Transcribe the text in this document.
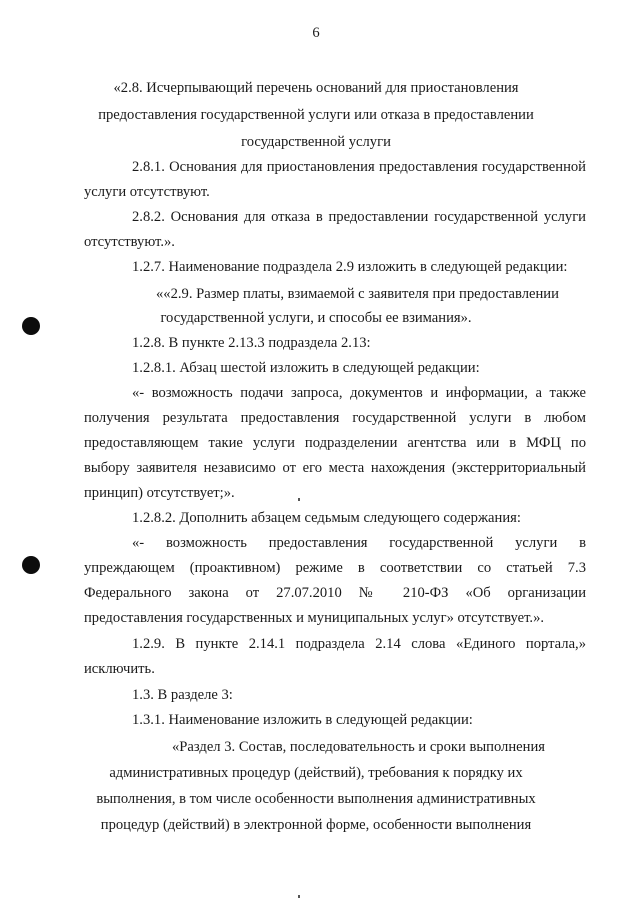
6
«2.8. Исчерпывающий перечень оснований для приостановления
предоставления государственной услуги или отказа в предоставлении
государственной услуги
2.8.1. Основания для приостановления предоставления государственной
услуги отсутствуют.
2.8.2. Основания для отказа в предоставлении государственной услуги
отсутствуют.».
1.2.7. Наименование подраздела 2.9 изложить в следующей редакции:
««2.9. Размер платы, взимаемой с заявителя при предоставлении
государственной услуги, и способы ее взимания».
1.2.8. В пункте 2.13.3 подраздела 2.13:
1.2.8.1. Абзац шестой изложить в следующей редакции:
«- возможность подачи запроса, документов и информации, а также
получения результата предоставления государственной услуги в любом
предоставляющем такие услуги подразделении агентства или в МФЦ по
выбору заявителя независимо от его места нахождения (экстерриториальный
принцип) отсутствует;».
1.2.8.2. Дополнить абзацем седьмым следующего содержания:
«- возможность предоставления государственной услуги в
упреждающем (проактивном) режиме в соответствии со статьей 7.3
Федерального закона от 27.07.2010 № 210-ФЗ «Об организации
предоставления государственных и муниципальных услуг» отсутствует.».
1.2.9. В пункте 2.14.1 подраздела 2.14 слова «Единого портала,»
исключить.
1.3. В разделе 3:
1.3.1. Наименование изложить в следующей редакции:
«Раздел 3. Состав, последовательность и сроки выполнения
административных процедур (действий), требования к порядку их
выполнения, в том числе особенности выполнения административных
процедур (действий) в электронной форме, особенности выполнения
